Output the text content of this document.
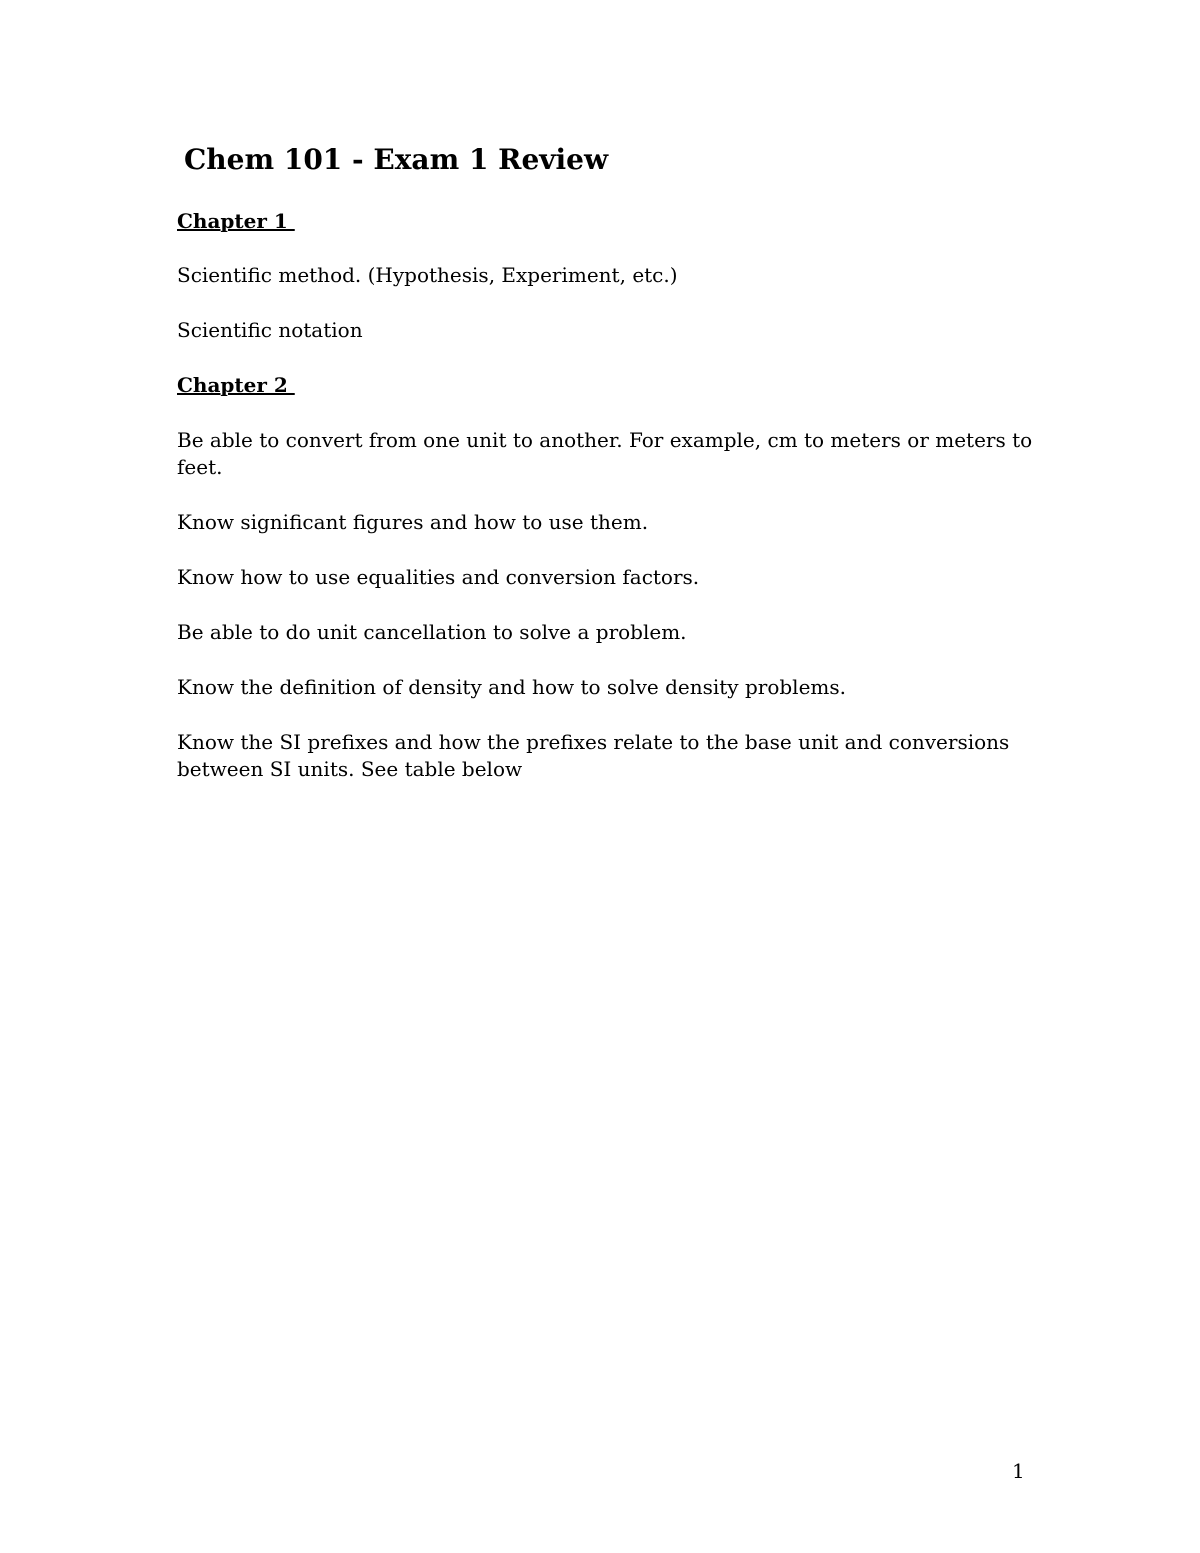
Chem 101 - Exam 1 Review
Chapter 1

Scientific method. (Hypothesis, Experiment, etc.)

Scientific notation

Chapter 2

Be able to convert from one unit to another. For example, cm to meters or meters to feet.

Know significant figures and how to use them.

Know how to use equalities and conversion factors.

Be able to do unit cancellation to solve a problem.

Know the definition of density and how to solve density problems.

Know the SI prefixes and how the prefixes relate to the base unit and conversions between SI units. See table below

1
